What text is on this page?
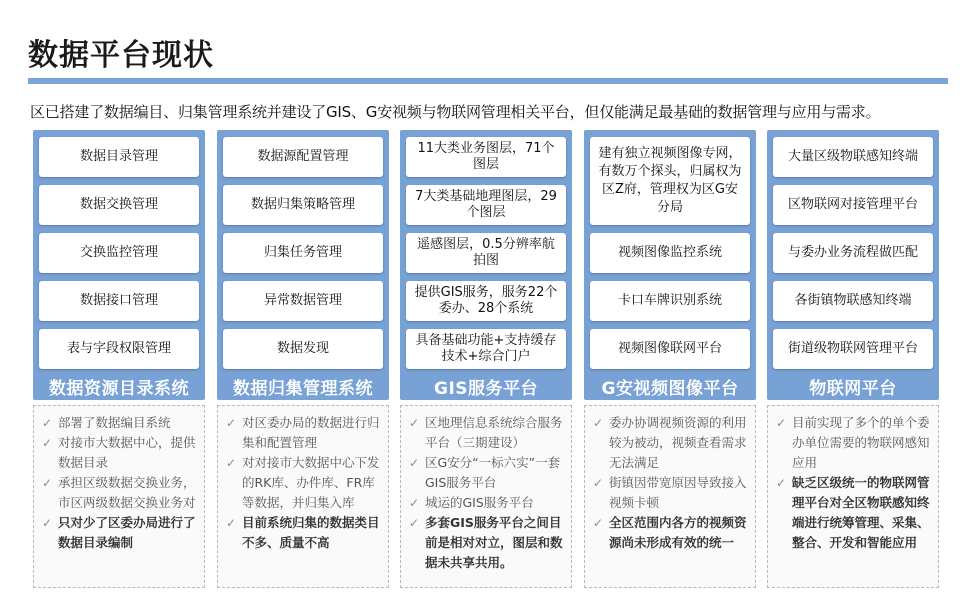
数据平台现状
区已搭建了数据编目、归集管理系统并建设了GIS、G安视频与物联网管理相关平台，但仅能满足最基础的数据管理与应用与需求。
数据目录管理
数据交换管理
交换监控管理
数据接口管理
表与字段权限管理
数据资源目录系统
✓ 部署了数据编目系统
✓ 对接市大数据中心，提供数据目录
✓ 承担区级数据交换业务，市区两级数据交换业务对
✓ 只对少了区委办局进行了数据目录编制
数据源配置管理
数据归集策略管理
归集任务管理
异常数据管理
数据发现
数据归集管理系统
✓ 对区委办局的数据进行归集和配置管理
✓ 对对接市大数据中心下发的RK库、办件库、FR库等数据，并归集入库
✓ 目前系统归集的数据类目不多、质量不高
11大类业务图层，71个图层
7大类基础地理图层，29个图层
遥感图层，0.5分辨率航拍图
提供GIS服务，服务22个委办、28个系统
具备基础功能+支持缓存技术+综合门户
GIS服务平台
✓ 区地理信息系统综合服务平台（三期建设）
✓ 区G安分“一标六实”一套GIS服务平台
✓ 城运的GIS服务平台
✓ 多套GIS服务平台之间目前是相对对立，图层和数据未共享共用。
建有独立视频图像专网，有数万个探头，归属权为区Z府，管理权为区G安分局
视频图像监控系统
卡口车牌识别系统
视频图像联网平台
G安视频图像平台
✓ 委办协调视频资源的利用较为被动，视频查看需求无法满足
✓ 街镇因带宽原因导致接入视频卡顿
✓ 全区范围内各方的视频资源尚未形成有效的统一
大量区级物联感知终端
区物联网对接管理平台
与委办业务流程做匹配
各街镇物联感知终端
街道级物联网管理平台
物联网平台
✓ 目前实现了多个的单个委办单位需要的物联网感知应用
✓ 缺乏区级统一的物联网管理平台对全区物联感知终端进行统筹管理、采集、整合、开发和智能应用
